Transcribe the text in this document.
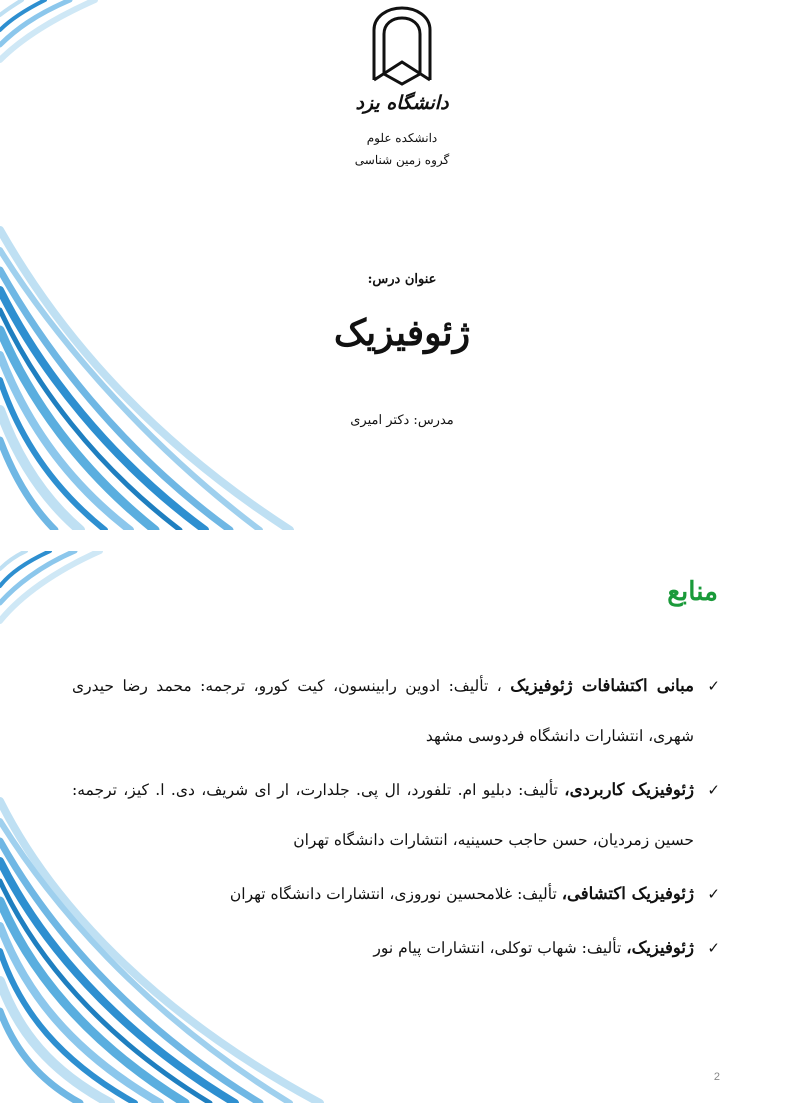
دانشگاه یزد
دانشکده علوم
گروه زمین شناسی
عنوان درس:
ژئوفیزیک
مدرس: دکتر امیری
منابع
✓
مبانی اکتشافات ژئوفیزیک ، تألیف: ادوین رابینسون، کیت کورو، ترجمه: محمد رضا حیدری شهری، انتشارات دانشگاه فردوسی مشهد
✓
ژئوفیزیک کاربردی، تألیف: دبلیو ام. تلفورد، ال پی. جلدارت، ار ای شریف، دی. ا. کیز، ترجمه: حسین زمردیان، حسن حاجب حسینیه، انتشارات دانشگاه تهران
✓
ژئوفیزیک اکتشافی، تألیف: غلامحسین نوروزی، انتشارات دانشگاه تهران
✓
ژئوفیزیک، تألیف: شهاب توکلی، انتشارات پیام نور
2
